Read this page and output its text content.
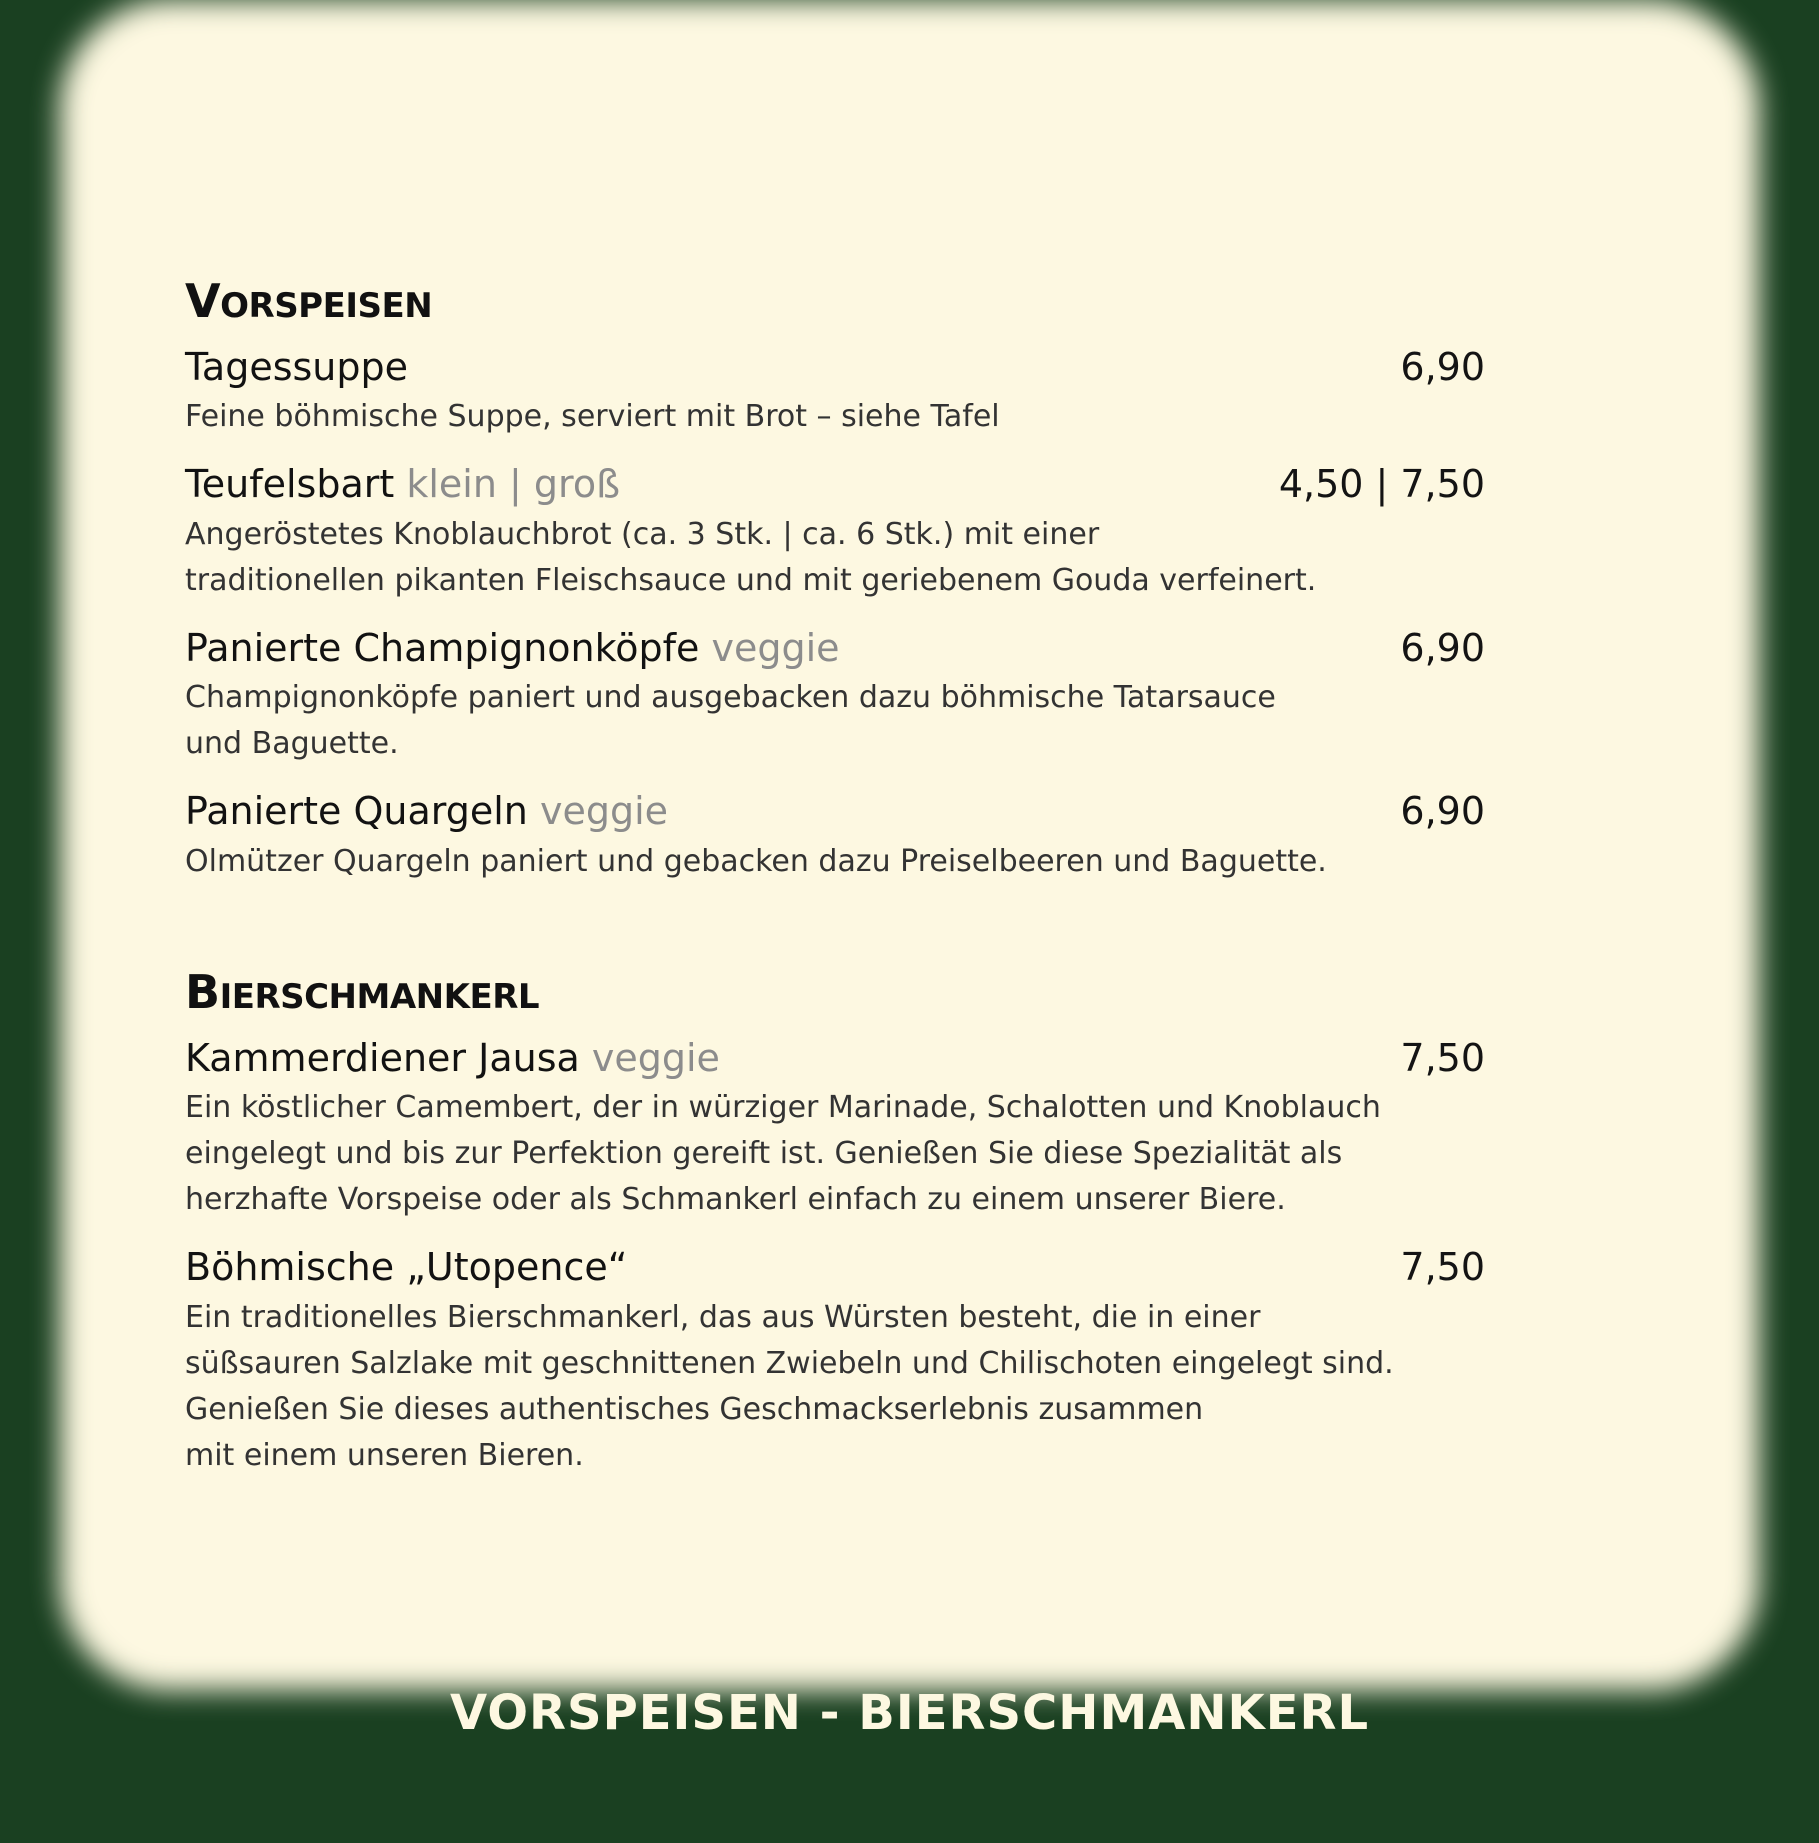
VORSPEISEN
Tagessuppe	6,90
Feine böhmische Suppe, serviert mit Brot – siehe Tafel
Teufelsbart klein | groß	4,50 | 7,50
Angeröstetes Knoblauchbrot (ca. 3 Stk. | ca. 6 Stk.) mit einer
traditionellen pikanten Fleischsauce und mit geriebenem Gouda verfeinert.
Panierte Champignonköpfe veggie	6,90
Champignonköpfe paniert und ausgebacken dazu böhmische Tatarsauce
und Baguette.
Panierte Quargeln veggie	6,90
Olmützer Quargeln paniert und gebacken dazu Preiselbeeren und Baguette.
BIERSCHMANKERL
Kammerdiener Jausa veggie	7,50
Ein köstlicher Camembert, der in würziger Marinade, Schalotten und Knoblauch
eingelegt und bis zur Perfektion gereift ist. Genießen Sie diese Spezialität als
herzhafte Vorspeise oder als Schmankerl einfach zu einem unserer Biere.
Böhmische „Utopence“	7,50
Ein traditionelles Bierschmankerl, das aus Würsten besteht, die in einer
süßsauren Salzlake mit geschnittenen Zwiebeln und Chilischoten eingelegt sind.
Genießen Sie dieses authentisches Geschmackserlebnis zusammen
mit einem unseren Bieren.
VORSPEISEN - BIERSCHMANKERL
